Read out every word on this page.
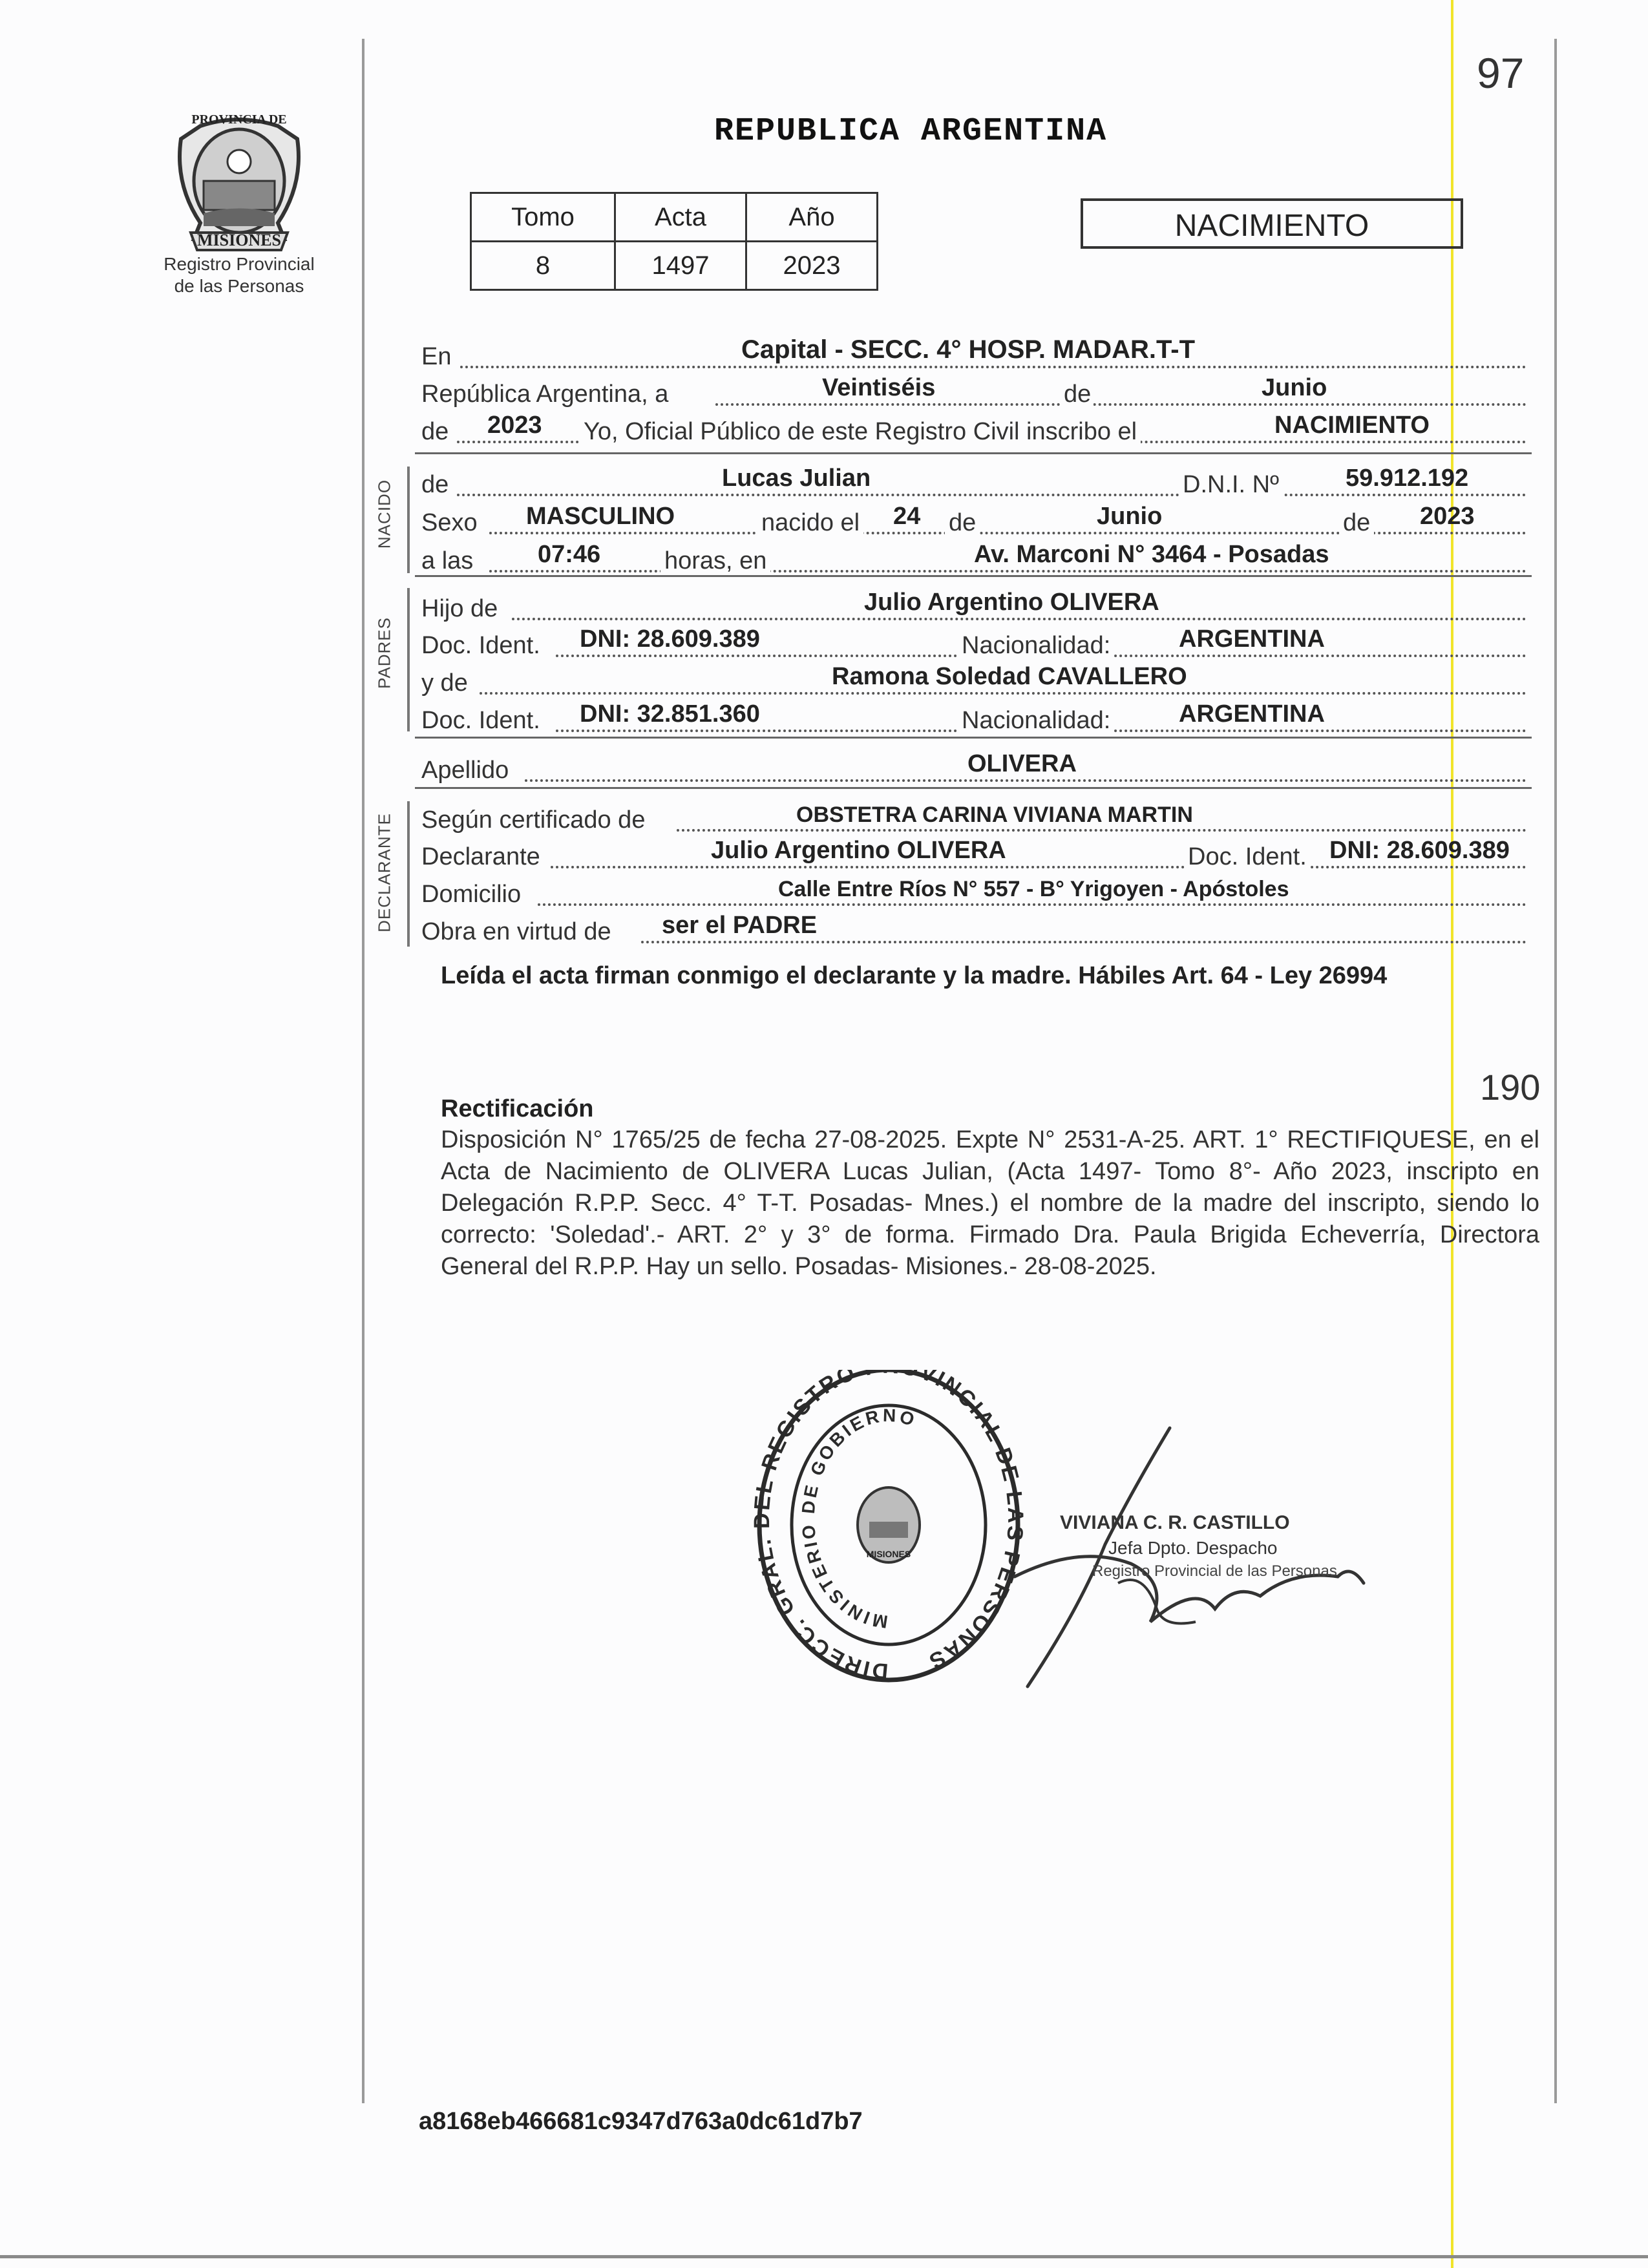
97
MISIONES
PROVINCIA DE
Registro Provincial
de las Personas
REPUBLICA ARGENTINA
Tomo	Acta	Año
8	1497	2023
NACIMIENTO
En	Capital - SECC. 4° HOSP. MADAR.T-T
República Argentina, a	Veintiséis	de	Junio
de 2023 Yo, Oficial Público de este Registro Civil inscribo el	NACIMIENTO
NACIDO de	Lucas Julian	D.N.I. Nº	59.912.192
Sexo MASCULINO	nacido el 24 de	Junio	de 2023
a las	07:46	horas, en	Av. Marconi N° 3464 - Posadas
PADRES
Hijo de	Julio Argentino OLIVERA
Doc. Ident. DNI: 28.609.389	Nacionalidad:	ARGENTINA
y de	Ramona Soledad CAVALLERO
Doc. Ident. DNI: 32.851.360	Nacionalidad:	ARGENTINA
Apellido	OLIVERA
DECLARANTE Según certificado de	OBSTETRA CARINA VIVIANA MARTIN
Declarante	Julio Argentino OLIVERA	Doc. Ident. DNI: 28.609.389
Domicilio	Calle Entre Ríos N° 557 - B° Yrigoyen - Apóstoles
Obra en virtud de ser el PADRE
Leída el acta firman conmigo el declarante y la madre. Hábiles Art. 64 - Ley 26994
190
Rectificación
Disposición N° 1765/25 de fecha 27-08-2025. Expte N° 2531-A-25. ART. 1° RECTIFIQUESE, en el Acta de Nacimiento de OLIVERA Lucas Julian, (Acta 1497- Tomo 8°- Año 2023, inscripto en Delegación R.P.P. Secc. 4° T-T. Posadas- Mnes.) el nombre de la madre del inscripto, siendo lo correcto: 'Soledad'.- ART. 2° y 3° de forma. Firmado Dra. Paula Brigida Echeverría, Directora General del R.P.P. Hay un sello. Posadas- Misiones.- 28-08-2025.
DIRECC. GRAL. L REGISTRO VINCIAL DE PERSONAS
MINISTERIO DE GOBIERNO
MISIONES
VIVIANA C. R. CASTILLO
Jefa Dpto. Despacho
Registro Provincial de las Personas
a8168eb466681c9347d763a0dc61d7b7
